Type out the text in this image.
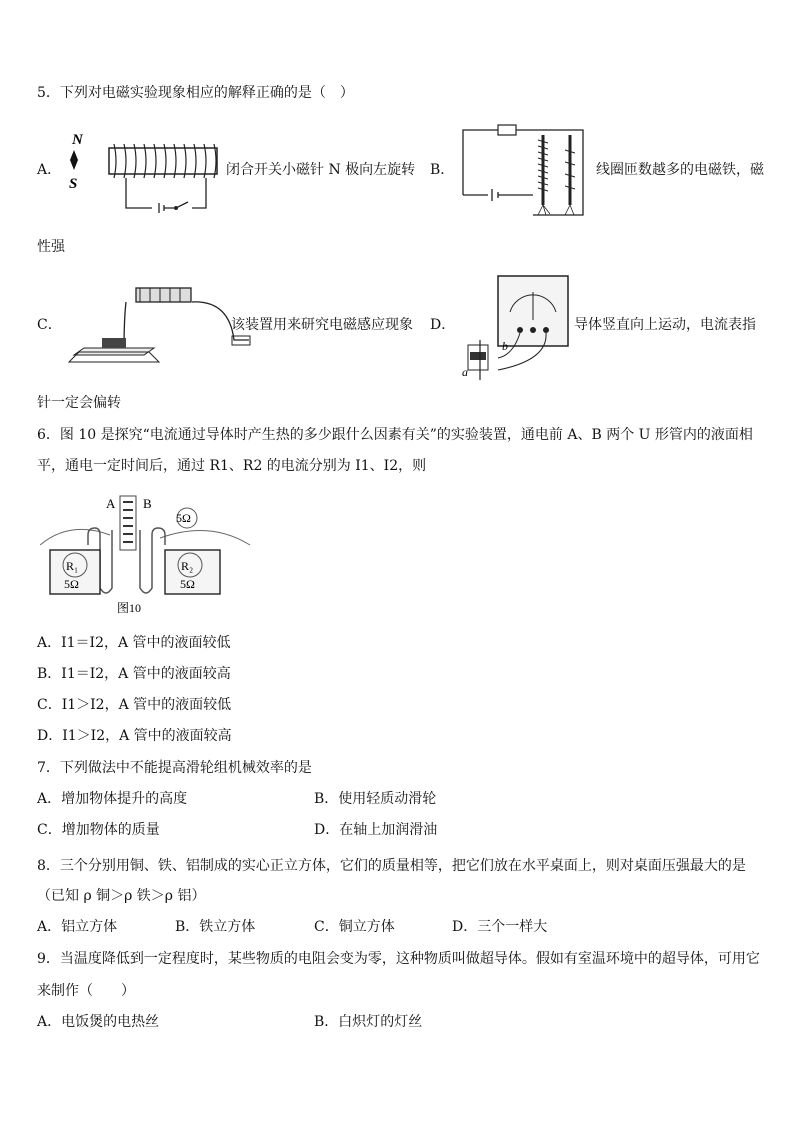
5．下列对电磁实验现象相应的解释正确的是（　）
A．
N
S
闭合开关小磁针 N 极向左旋转 B．	线圈匝数越多的电磁铁，磁
性强
C．	该装置用来研究电磁感应现象 D．
a
b
导体竖直向上运动，电流表指
针一定会偏转
6．图 10 是探究“电流通过导体时产生热的多少跟什么因素有关”的实验装置，通电前 A、B 两个 U 形管内的液面相
平，通电一定时间后，通过 R1、R2 的电流分别为 I1、I2，则
A B
R₁
5Ω
R₂
5Ω
5Ω
图10
A．I1＝I2，A 管中的液面较低
B．I1＝I2，A 管中的液面较高
C．I1＞I2，A 管中的液面较低
D．I1＞I2，A 管中的液面较高
7．下列做法中不能提高滑轮组机械效率的是
A．增加物体提升的高度	B．使用轻质动滑轮
C．增加物体的质量	D．在轴上加润滑油
8．三个分别用铜、铁、铝制成的实心正立方体，它们的质量相等，把它们放在水平桌面上，则对桌面压强最大的是
（已知 ρ 铜＞ρ 铁＞ρ 铝）
A．铝立方体	B．铁立方体	C．铜立方体	D．三个一样大
9．当温度降低到一定程度时，某些物质的电阻会变为零，这种物质叫做超导体。假如有室温环境中的超导体，可用它
来制作（　　）
A．电饭煲的电热丝	B．白炽灯的灯丝
